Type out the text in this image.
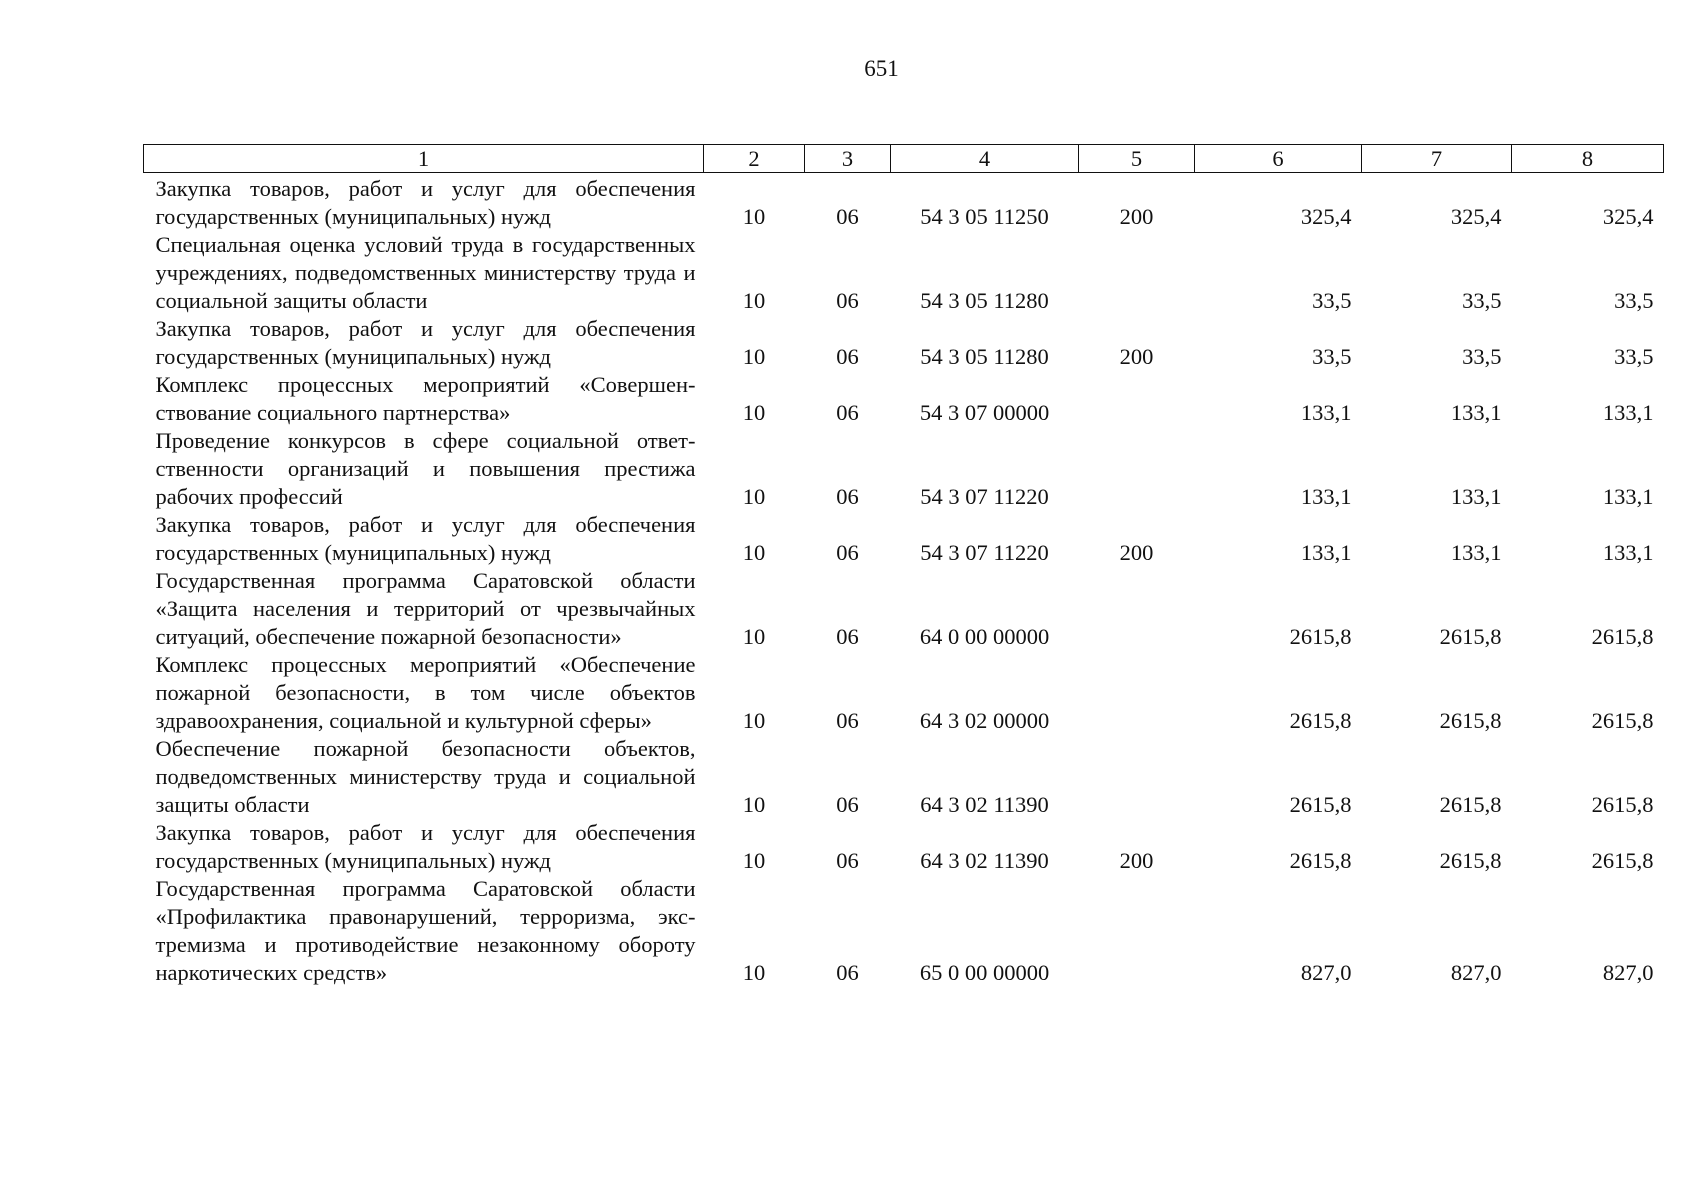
651
1	2	3	4	5	6	7	8
Закупка товаров, работ и услуг для обеспечения государственных (муниципальных) нужд	10	06	54 3 05 11250	200	325,4	325,4	325,4
Специальная оценка условий труда в государственных учреждениях, подведомственных министерству труда и социальной защиты области	10	06	54 3 05 11280		33,5	33,5	33,5
Закупка товаров, работ и услуг для обеспечения государственных (муниципальных) нужд	10	06	54 3 05 11280	200	33,5	33,5	33,5
Комплекс процессных мероприятий «Совершенствование социального партнерства»	10	06	54 3 07 00000		133,1	133,1	133,1
Проведение конкурсов в сфере социальной ответственности организаций и повышения престижа рабочих профессий	10	06	54 3 07 11220		133,1	133,1	133,1
Закупка товаров, работ и услуг для обеспечения государственных (муниципальных) нужд	10	06	54 3 07 11220	200	133,1	133,1	133,1
Государственная программа Саратовской области «Защита населения и территорий от чрезвычайных ситуаций, обеспечение пожарной безопасности»	10	06	64 0 00 00000		2615,8	2615,8	2615,8
Комплекс процессных мероприятий «Обеспечение пожарной безопасности, в том числе объектов здравоохранения, социальной и культурной сферы»	10	06	64 3 02 00000		2615,8	2615,8	2615,8
Обеспечение пожарной безопасности объектов, подведомственных министерству труда и социальной защиты области	10	06	64 3 02 11390		2615,8	2615,8	2615,8
Закупка товаров, работ и услуг для обеспечения государственных (муниципальных) нужд	10	06	64 3 02 11390	200	2615,8	2615,8	2615,8
Государственная программа Саратовской области «Профилактика правонарушений, терроризма, экстремизма и противодействие незаконному обороту наркотических средств»	10	06	65 0 00 00000		827,0	827,0	827,0
